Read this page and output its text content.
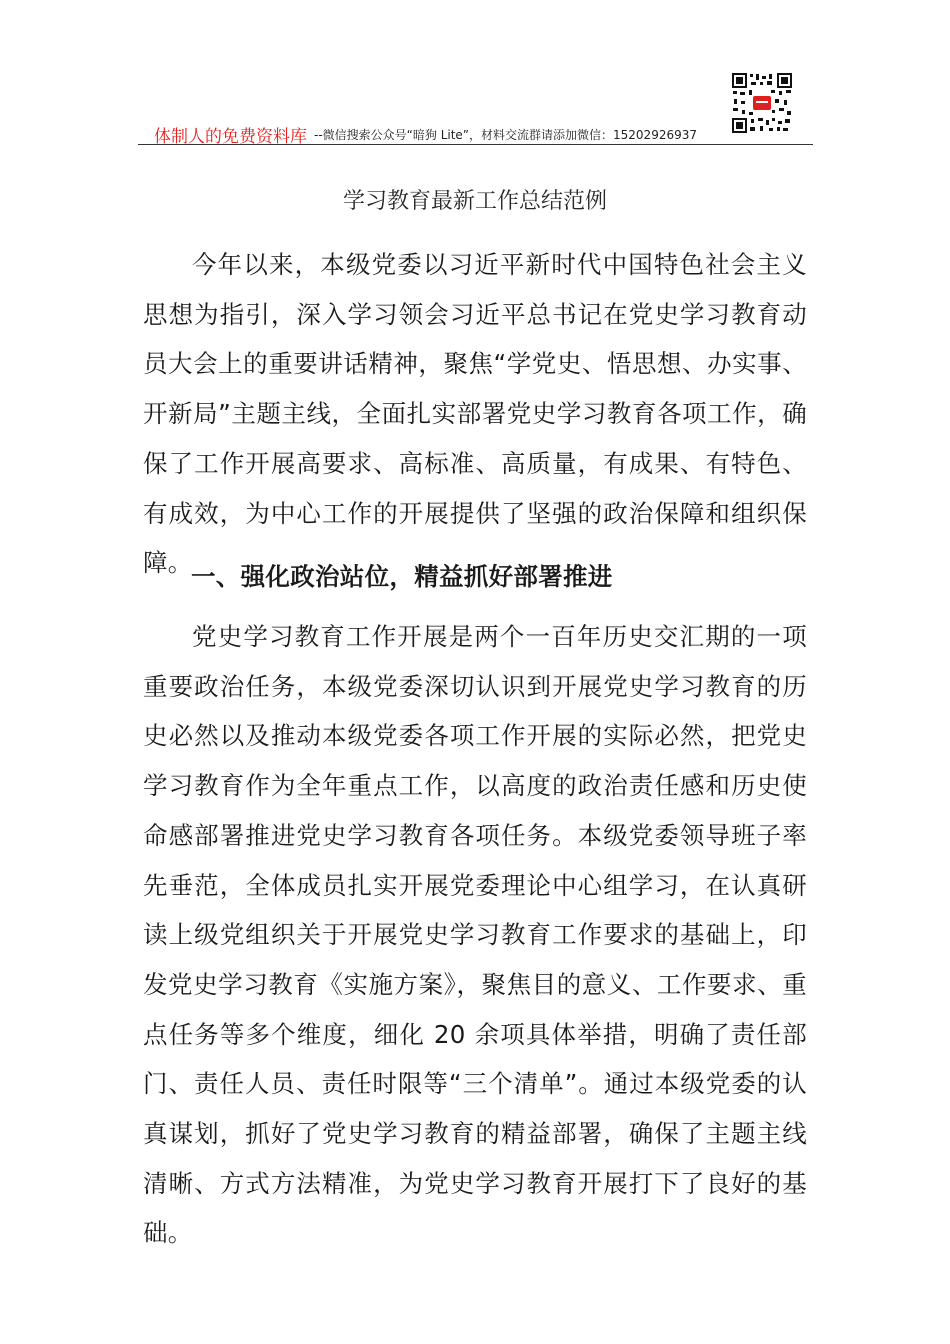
体制人的免费资料库 --微信搜索公众号“暗狗 Lite”，材料交流群请添加微信：15202926937
学习教育最新工作总结范例

今年以来，本级党委以习近平新时代中国特色社会主义思想为指引，深入学习领会习近平总书记在党史学习教育动员大会上的重要讲话精神，聚焦“学党史、悟思想、办实事、开新局”主题主线，全面扎实部署党史学习教育各项工作，确保了工作开展高要求、高标准、高质量，有成果、有特色、有成效，为中心工作的开展提供了坚强的政治保障和组织保障。

一、强化政治站位，精益抓好部署推进

党史学习教育工作开展是两个一百年历史交汇期的一项重要政治任务，本级党委深切认识到开展党史学习教育的历史必然以及推动本级党委各项工作开展的实际必然，把党史学习教育作为全年重点工作，以高度的政治责任感和历史使命感部署推进党史学习教育各项任务。本级党委领导班子率先垂范，全体成员扎实开展党委理论中心组学习，在认真研读上级党组织关于开展党史学习教育工作要求的基础上，印发党史学习教育《实施方案》，聚焦目的意义、工作要求、重点任务等多个维度，细化 20 余项具体举措，明确了责任部门、责任人员、责任时限等“三个清单”。通过本级党委的认真谋划，抓好了党史学习教育的精益部署，确保了主题主线清晰、方式方法精准，为党史学习教育开展打下了良好的基础。
